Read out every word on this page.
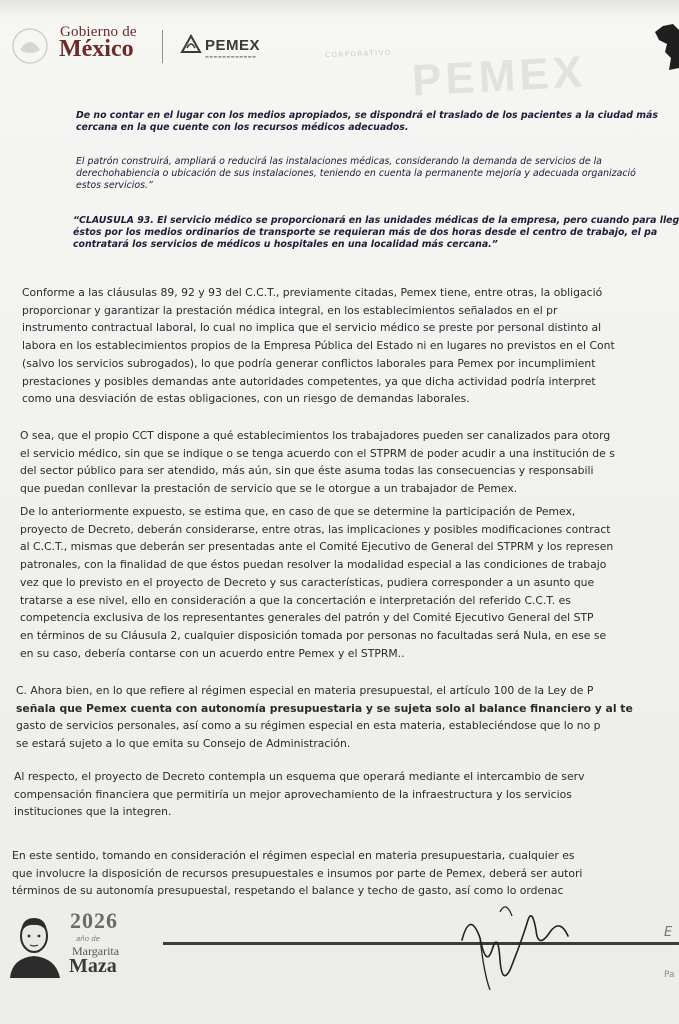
Gobierno de
México	PEMEX
▬▬▬▬▬▬▬▬▬▬▬▬	CORPORATIVO PEMEX
De no contar en el lugar con los medios apropiados, se dispondrá el traslado de los pacientes a la ciudad más
cercana en la que cuente con los recursos médicos adecuados.
El patrón construirá, ampliará o reducirá las instalaciones médicas, considerando la demanda de servicios de la
derechohabiencia o ubicación de sus instalaciones, teniendo en cuenta la permanente mejoría y adecuada organizació
estos servicios.”
“CLÁUSULA 93. El servicio médico se proporcionará en las unidades médicas de la empresa, pero cuando para lleg
éstos por los medios ordinarios de transporte se requieran más de dos horas desde el centro de trabajo, el pa
contratará los servicios de médicos u hospitales en una localidad más cercana.”
Conforme a las cláusulas 89, 92 y 93 del C.C.T., previamente citadas, Pemex tiene, entre otras, la obligació
proporcionar y garantizar la prestación médica integral, en los establecimientos señalados en el pr
instrumento contractual laboral, lo cual no implica que el servicio médico se preste por personal distinto al
labora en los establecimientos propios de la Empresa Pública del Estado ni en lugares no previstos en el Cont
(salvo los servicios subrogados), lo que podría generar conflictos laborales para Pemex por incumplimient
prestaciones y posibles demandas ante autoridades competentes, ya que dicha actividad podría interpret
como una desviación de estas obligaciones, con un riesgo de demandas laborales.
O sea, que el propio CCT dispone a qué establecimientos los trabajadores pueden ser canalizados para otorg
el servicio médico, sin que se indique o se tenga acuerdo con el STPRM de poder acudir a una institución de s
del sector público para ser atendido, más aún, sin que éste asuma todas las consecuencias y responsabili
que puedan conllevar la prestación de servicio que se le otorgue a un trabajador de Pemex.
De lo anteriormente expuesto, se estima que, en caso de que se determine la participación de Pemex,
proyecto de Decreto, deberán considerarse, entre otras, las implicaciones y posibles modificaciones contract
al C.C.T., mismas que deberán ser presentadas ante el Comité Ejecutivo de General del STPRM y los represen
patronales, con la finalidad de que éstos puedan resolver la modalidad especial a las condiciones de trabajo
vez que lo previsto en el proyecto de Decreto y sus características, pudiera corresponder a un asunto que
tratarse a ese nivel, ello en consideración a que la concertación e interpretación del referido C.C.T. es
competencia exclusiva de los representantes generales del patrón y del Comité Ejecutivo General del STP
en términos de su Cláusula 2, cualquier disposición tomada por personas no facultadas será Nula, en ese se
en su caso, debería contarse con un acuerdo entre Pemex y el STPRM..
C. Ahora bien, en lo que refiere al régimen especial en materia presupuestal, el artículo 100 de la Ley de P
señala que Pemex cuenta con autonomía presupuestaria y se sujeta solo al balance financiero y al te
gasto de servicios personales, así como a su régimen especial en esta materia, estableciéndose que lo no p
se estará sujeto a lo que emita su Consejo de Administración.
Al respecto, el proyecto de Decreto contempla un esquema que operará mediante el intercambio de serv
compensación financiera que permitiría un mejor aprovechamiento de la infraestructura y los servicios
instituciones que la integren.
En este sentido, tomando en consideración el régimen especial en materia presupuestaria, cualquier es
que involucre la disposición de recursos presupuestales e insumos por parte de Pemex, deberá ser autori
términos de su autonomía presupuestal, respetando el balance y techo de gasto, así como lo ordenac
2026
año de
Margarita
Maza
E
Pa
